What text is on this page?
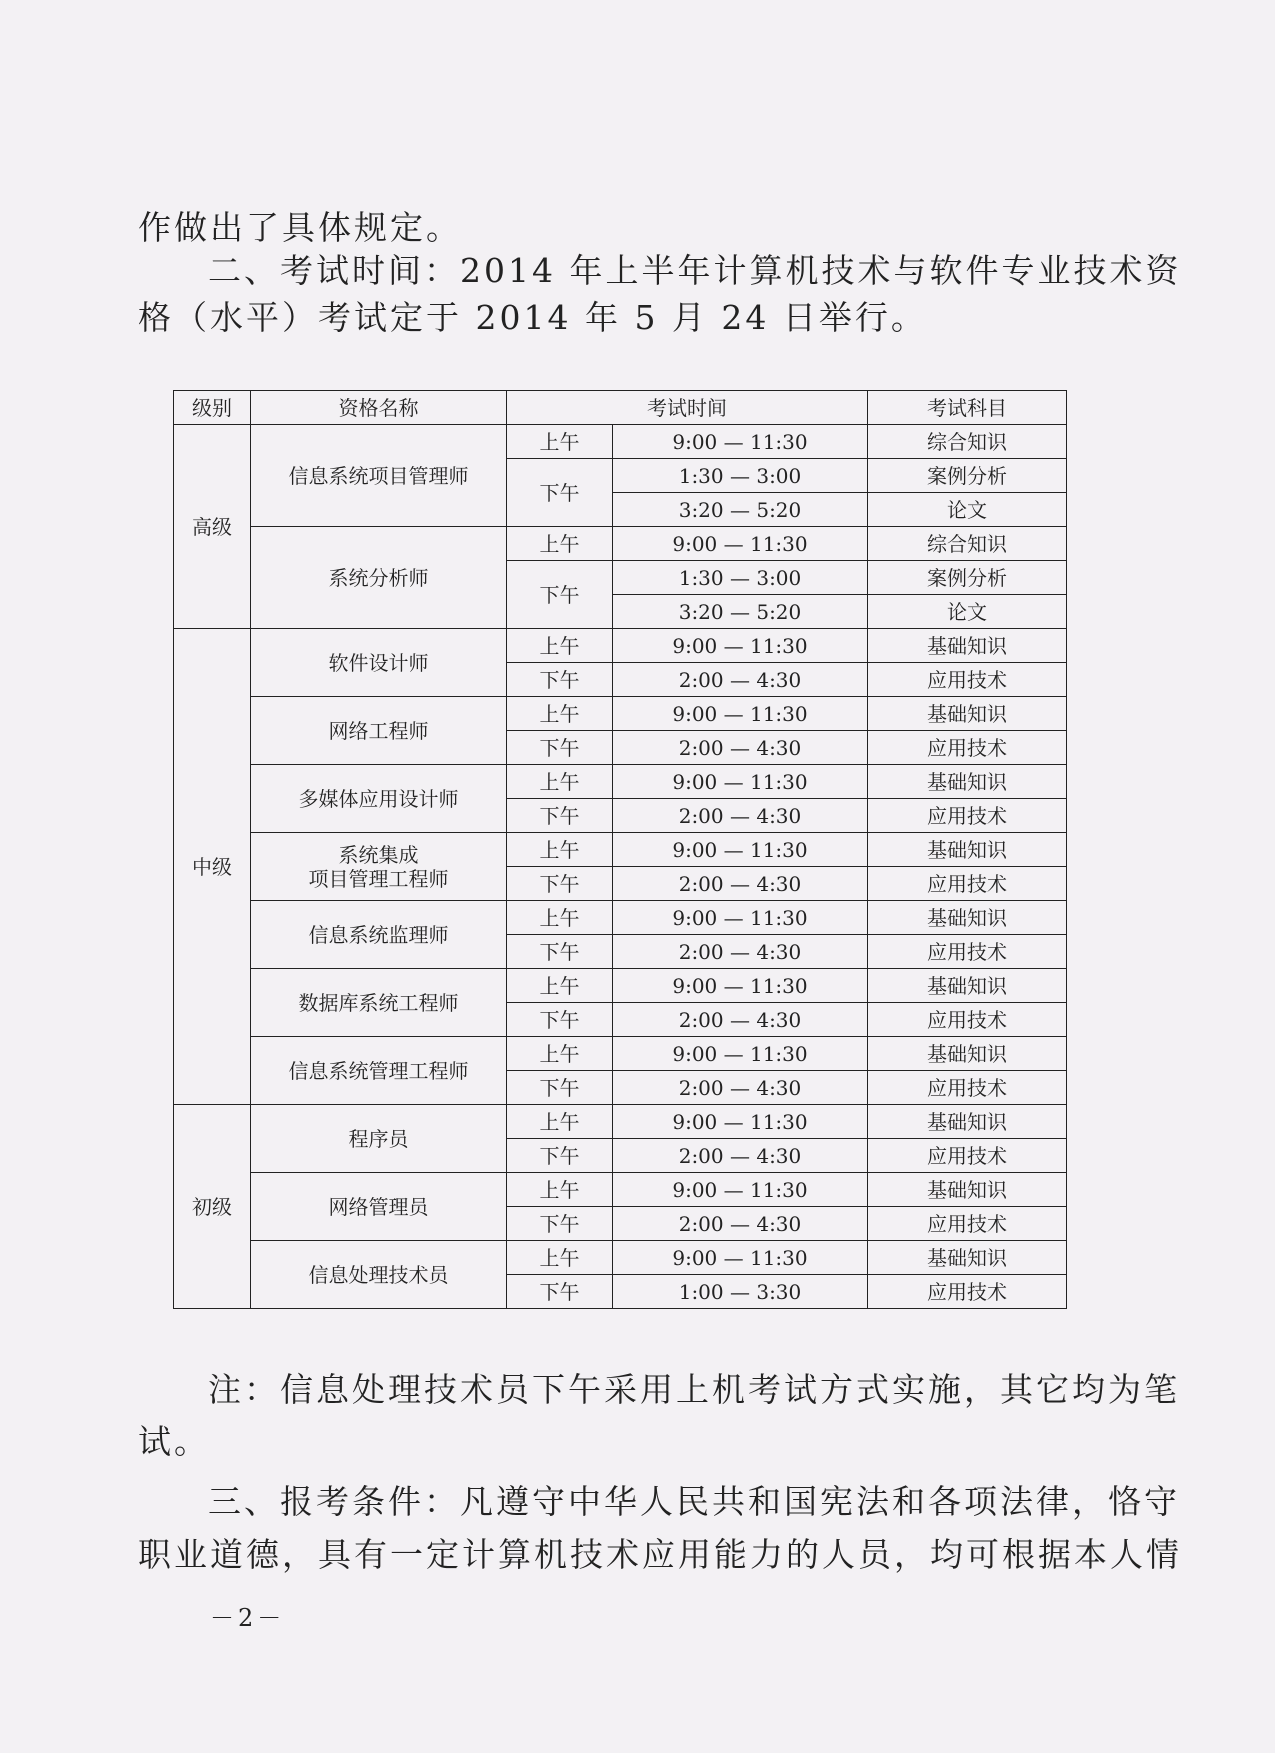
作做出了具体规定。

二、考试时间：2014 年上半年计算机技术与软件专业技术资

格（水平）考试定于 2014 年 5 月 24 日举行。

级别	资格名称	考试时间		考试科目
高级	信息系统项目管理师	上午	9:00 — 11:30	综合知识
		下午	1:30 — 3:00	案例分析
			3:20 — 5:20	论文
	系统分析师	上午	9:00 — 11:30	综合知识
		下午	1:30 — 3:00	案例分析
			3:20 — 5:20	论文
中级	软件设计师	上午	9:00 — 11:30	基础知识
		下午	2:00 — 4:30	应用技术
	网络工程师	上午	9:00 — 11:30	基础知识
		下午	2:00 — 4:30	应用技术
	多媒体应用设计师	上午	9:00 — 11:30	基础知识
		下午	2:00 — 4:30	应用技术
	系统集成
项目管理工程师	上午	9:00 — 11:30	基础知识
		下午	2:00 — 4:30	应用技术
	信息系统监理师	上午	9:00 — 11:30	基础知识
		下午	2:00 — 4:30	应用技术
	数据库系统工程师	上午	9:00 — 11:30	基础知识
		下午	2:00 — 4:30	应用技术
	信息系统管理工程师	上午	9:00 — 11:30	基础知识
		下午	2:00 — 4:30	应用技术
初级	程序员	上午	9:00 — 11:30	基础知识
		下午	2:00 — 4:30	应用技术
	网络管理员	上午	9:00 — 11:30	基础知识
		下午	2:00 — 4:30	应用技术
	信息处理技术员	上午	9:00 — 11:30	基础知识
		下午	1:00 — 3:30	应用技术

注：信息处理技术员下午采用上机考试方式实施，其它均为笔

试。

三、报考条件：凡遵守中华人民共和国宪法和各项法律，恪守

职业道德，具有一定计算机技术应用能力的人员，均可根据本人情

－2－
